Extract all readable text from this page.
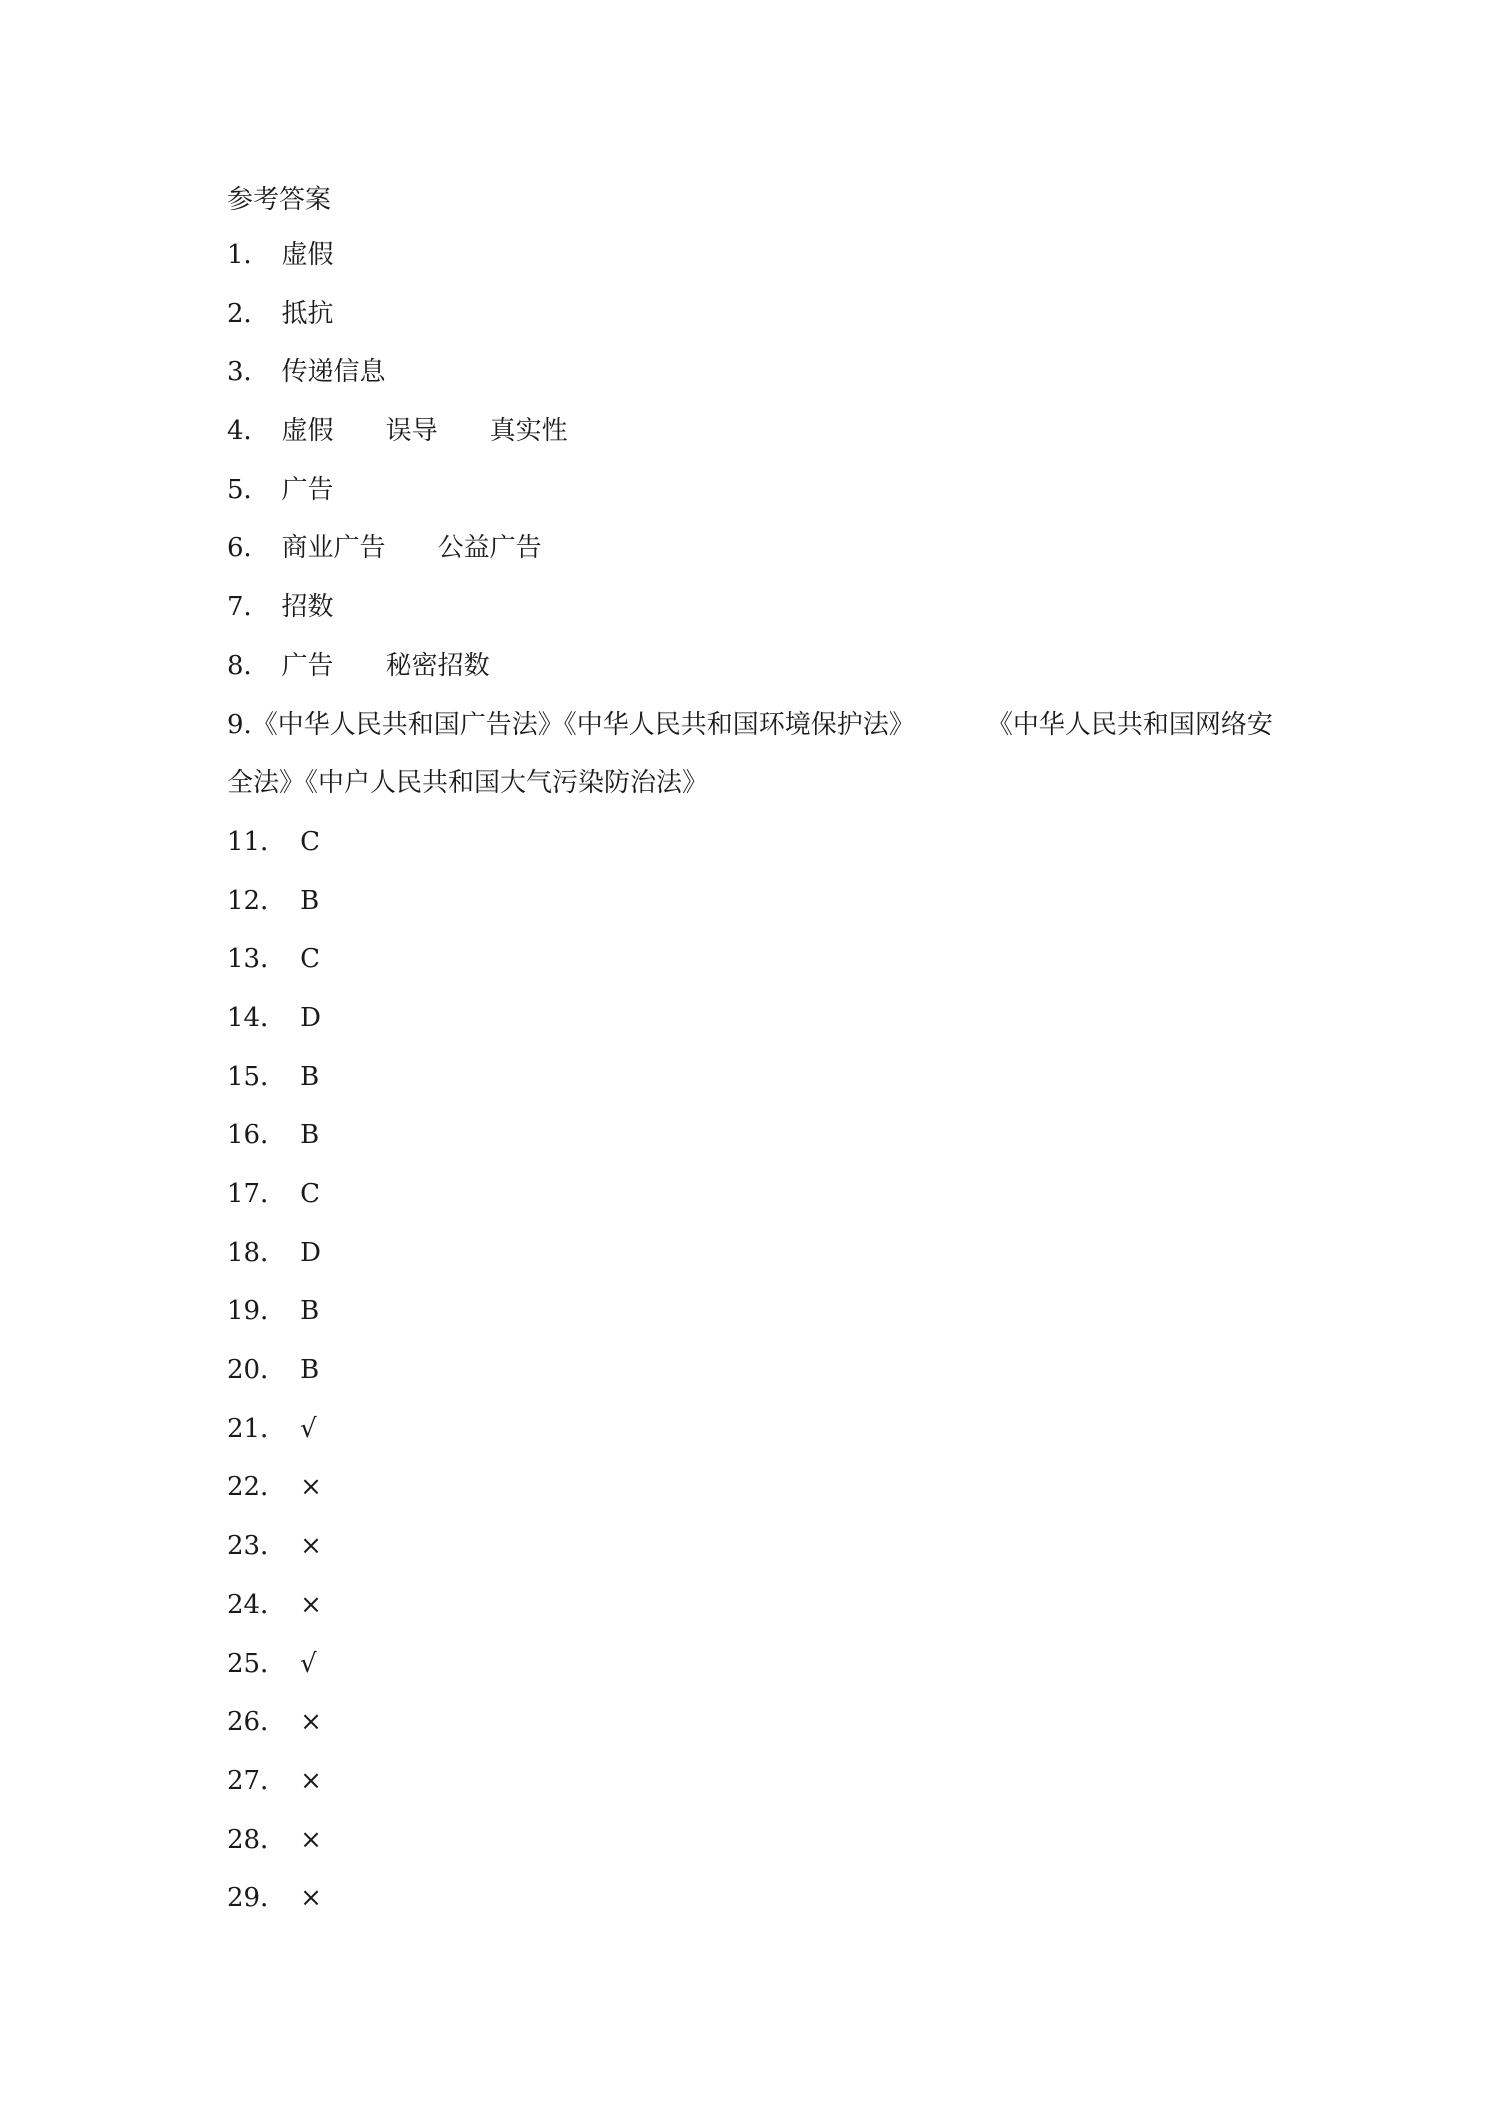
参考答案
1． 虚假
2． 抵抗
3． 传递信息
4． 虚假 误导 真实性
5． 广告
6． 商业广告 公益广告
7． 招数
8． 广告 秘密招数
9.《中华人民共和国广告法》《中华人民共和国环境保护法》	《中华人民共和国网络安
全法》《中户人民共和国大气污染防治法》
11． C
12． B
13． C
14． D
15． B
16． B
17． C
18． D
19． B
20． B
21． √
22． ×
23． ×
24． ×
25． √
26． ×
27． ×
28． ×
29． ×
